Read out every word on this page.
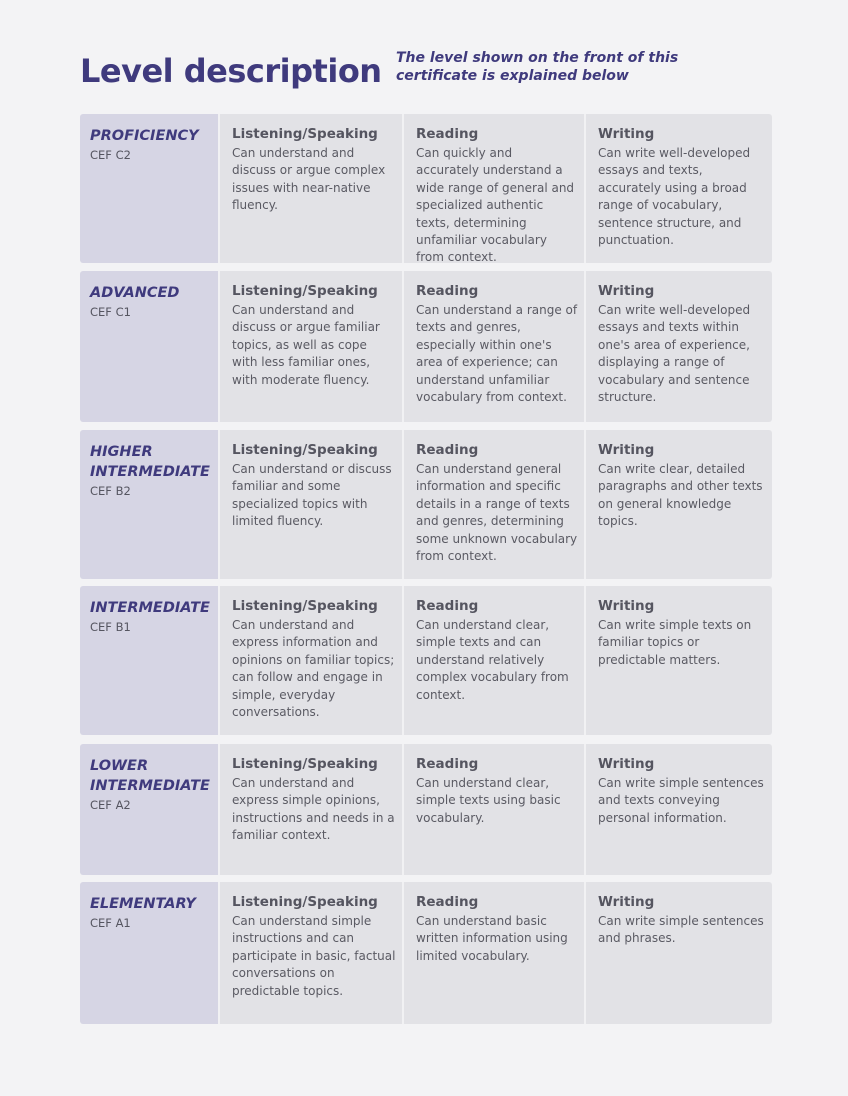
Level description The level shown on the front of this certificate is explained below
PROFICIENCY
CEF C2
Listening/Speaking
Can understand and discuss or argue complex issues with near-native fluency.
Reading
Can quickly and accurately understand a wide range of general and specialized authentic texts, determining unfamiliar vocabulary from context.
Writing
Can write well-developed essays and texts, accurately using a broad range of vocabulary, sentence structure, and punctuation.
ADVANCED
CEF C1
Listening/Speaking
Can understand and discuss or argue familiar topics, as well as cope with less familiar ones, with moderate fluency.
Reading
Can understand a range of texts and genres, especially within one's area of experience; can understand unfamiliar vocabulary from context.
Writing
Can write well-developed essays and texts within one's area of experience, displaying a range of vocabulary and sentence structure.
HIGHER
INTERMEDIATE
CEF B2
Listening/Speaking
Can understand or discuss familiar and some specialized topics with limited fluency.
Reading
Can understand general information and specific details in a range of texts and genres, determining some unknown vocabulary from context.
Writing
Can write clear, detailed paragraphs and other texts on general knowledge topics.
INTERMEDIATE
CEF B1
Listening/Speaking
Can understand and express information and opinions on familiar topics; can follow and engage in simple, everyday conversations.
Reading
Can understand clear, simple texts and can understand relatively complex vocabulary from context.
Writing
Can write simple texts on familiar topics or predictable matters.
LOWER
INTERMEDIATE
CEF A2
Listening/Speaking
Can understand and express simple opinions, instructions and needs in a familiar context.
Reading
Can understand clear, simple texts using basic vocabulary.
Writing
Can write simple sentences and texts conveying personal information.
ELEMENTARY
CEF A1
Listening/Speaking
Can understand simple instructions and can participate in basic, factual conversations on predictable topics.
Reading
Can understand basic written information using limited vocabulary.
Writing
Can write simple sentences and phrases.
